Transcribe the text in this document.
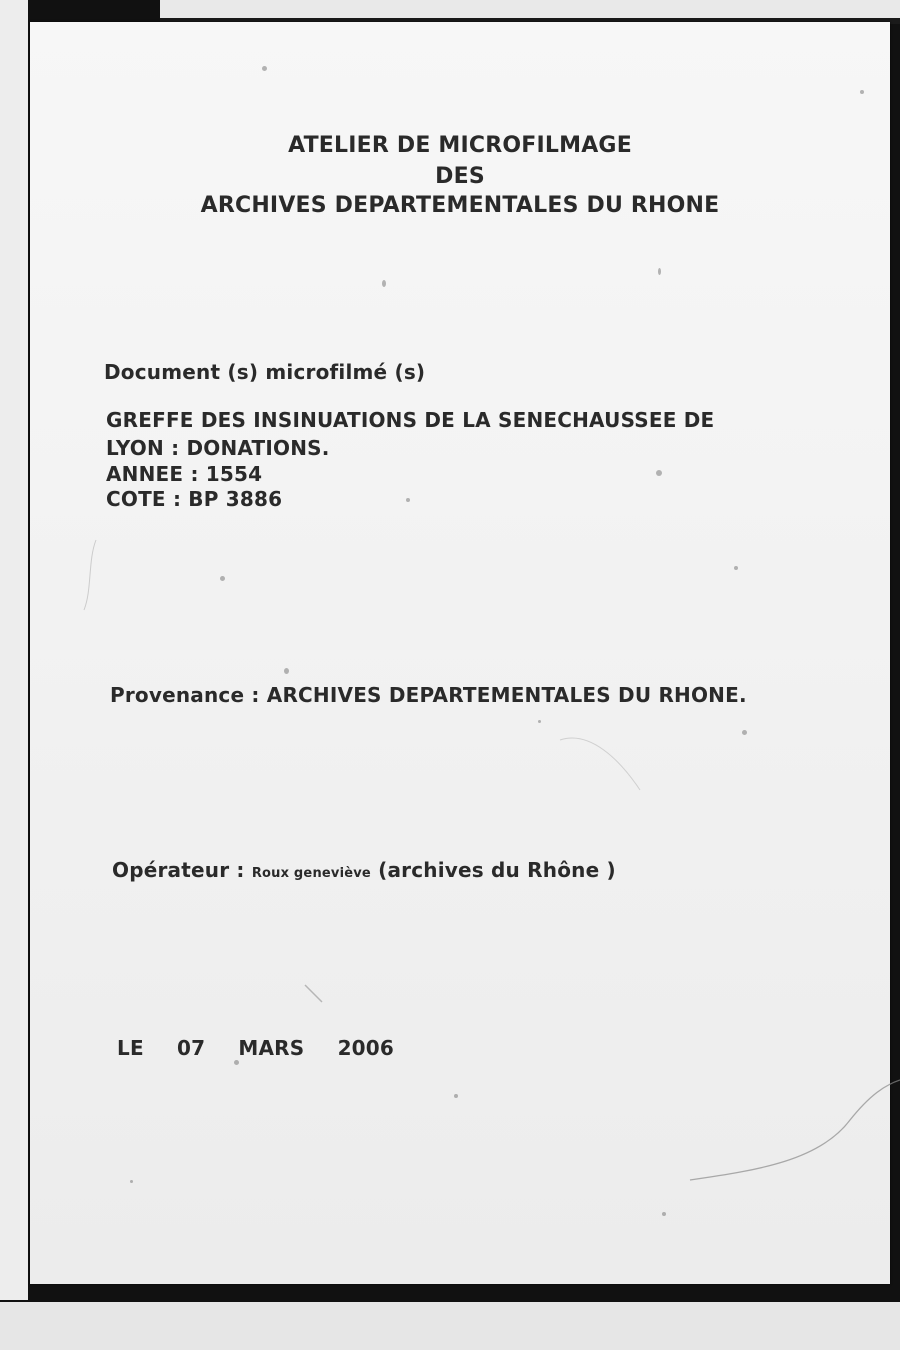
ATELIER DE MICROFILMAGE

DES

ARCHIVES DEPARTEMENTALES DU RHONE

Document (s) microfilmé (s)

GREFFE DES INSINUATIONS DE LA SENECHAUSSEE DE

LYON : DONATIONS.

ANNEE : 1554

COTE : BP 3886

Provenance : ARCHIVES DEPARTEMENTALES DU RHONE.

Opérateur : Roux geneviève (archives du Rhône )

LE 07 MARS 2006
